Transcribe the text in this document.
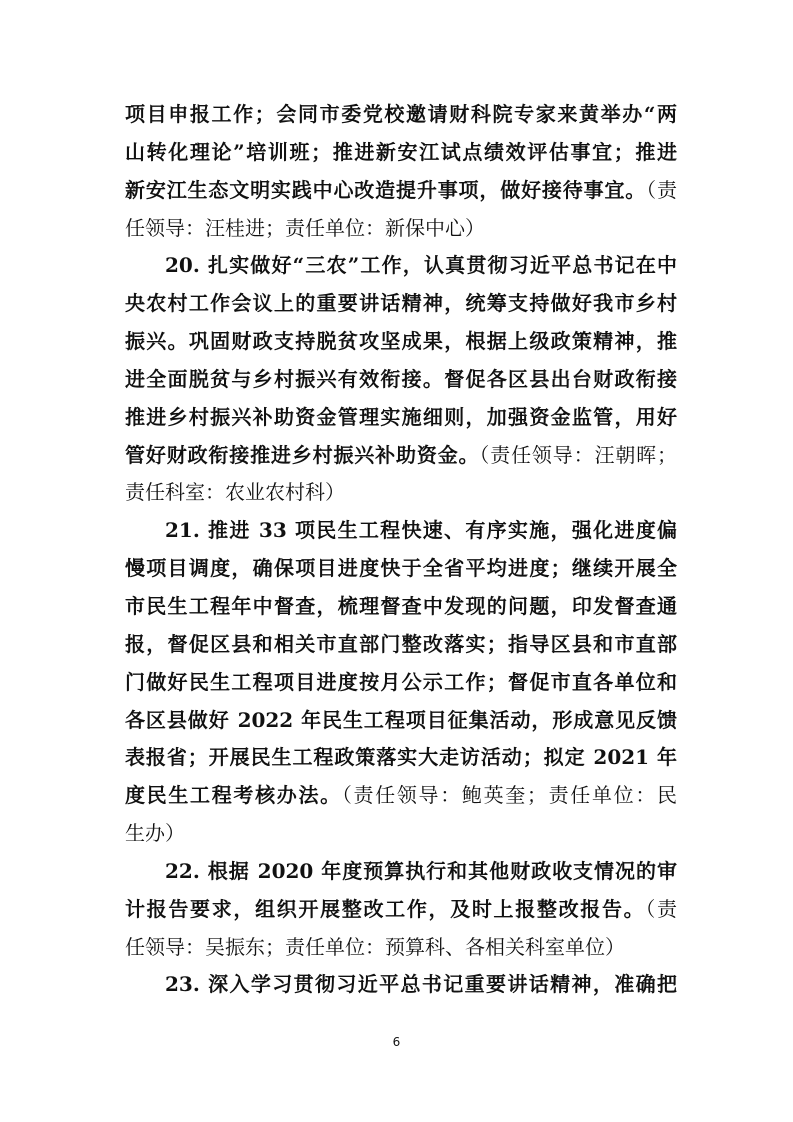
项目申报工作；会同市委党校邀请财科院专家来黄举办“两
山转化理论”培训班；推进新安江试点绩效评估事宜；推进
新安江生态文明实践中心改造提升事项，做好接待事宜。（责
任领导：汪桂进；责任单位：新保中心）
20. 扎实做好“三农”工作，认真贯彻习近平总书记在中
央农村工作会议上的重要讲话精神，统筹支持做好我市乡村
振兴。巩固财政支持脱贫攻坚成果，根据上级政策精神，推
进全面脱贫与乡村振兴有效衔接。督促各区县出台财政衔接
推进乡村振兴补助资金管理实施细则，加强资金监管，用好
管好财政衔接推进乡村振兴补助资金。（责任领导：汪朝晖；
责任科室：农业农村科）
21. 推进 33 项民生工程快速、有序实施，强化进度偏
慢项目调度，确保项目进度快于全省平均进度；继续开展全
市民生工程年中督查，梳理督查中发现的问题，印发督查通
报，督促区县和相关市直部门整改落实；指导区县和市直部
门做好民生工程项目进度按月公示工作；督促市直各单位和
各区县做好 2022 年民生工程项目征集活动，形成意见反馈
表报省；开展民生工程政策落实大走访活动；拟定 2021 年
度民生工程考核办法。（责任领导：鲍英奎；责任单位：民
生办）
22. 根据 2020 年度预算执行和其他财政收支情况的审
计报告要求，组织开展整改工作，及时上报整改报告。（责
任领导：吴振东；责任单位：预算科、各相关科室单位）
23. 深入学习贯彻习近平总书记重要讲话精神，准确把
6
